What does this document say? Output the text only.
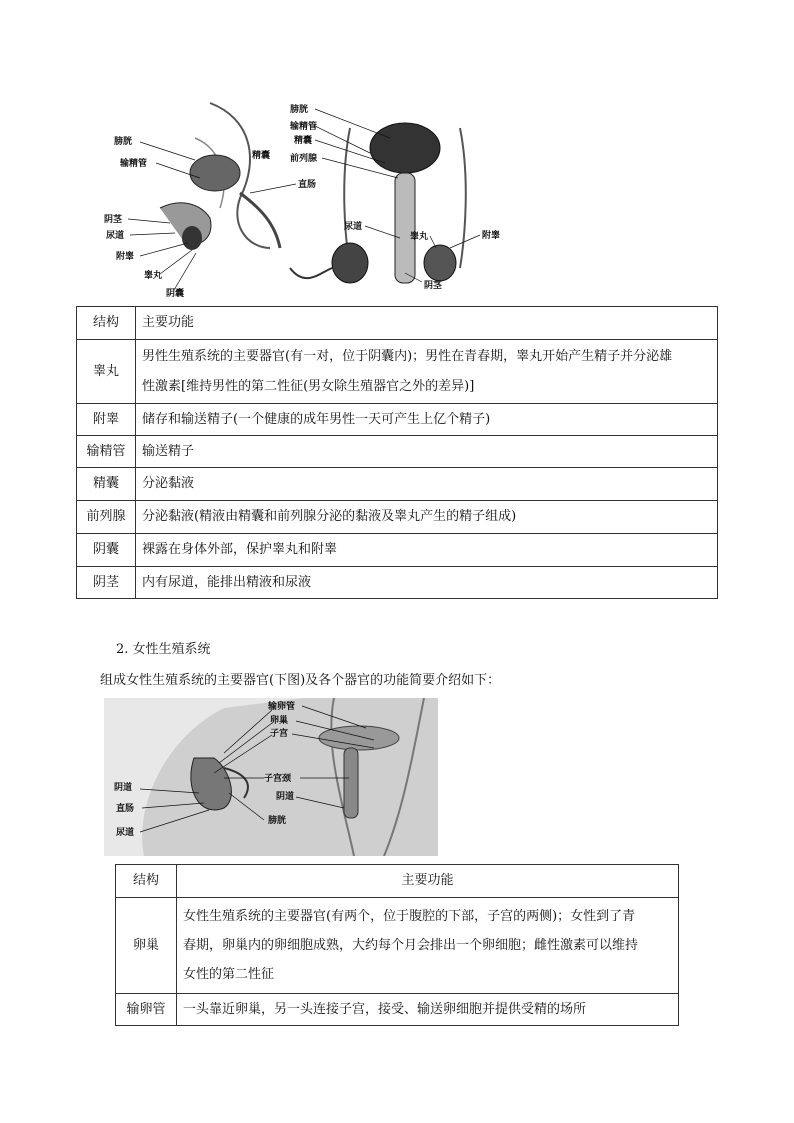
膀胱
输精管
精囊
直肠
阴茎
尿道
附睾
睾丸
阴囊
膀胱
输精管
精囊
前列腺
尿道
睾丸	附睾
阴茎
结构	主要功能
睾丸	男性生殖系统的主要器官(有一对，位于阴囊内)；男性在青春期，睾丸开始产生精子并分泌雄
性激素[维持男性的第二性征(男女除生殖器官之外的差异)]

附睾	储存和输送精子(一个健康的成年男性一天可产生上亿个精子)
输精管	输送精子
精囊	分泌黏液
前列腺	分泌黏液(精液由精囊和前列腺分泌的黏液及睾丸产生的精子组成)
阴囊	裸露在身体外部，保护睾丸和附睾
阴茎	内有尿道，能排出精液和尿液
2. 女性生殖系统
组成女性生殖系统的主要器官(下图)及各个器官的功能简要介绍如下：
输卵管
卵巢
子宫
子宫颈
阴道
阴道
直肠
尿道
膀胱
结构	主要功能
卵巢	女性生殖系统的主要器官(有两个，位于腹腔的下部，子宫的两侧)；女性到了青
春期，卵巢内的卵细胞成熟，大约每个月会排出一个卵细胞；雌性激素可以维持
女性的第二性征

输卵管	一头靠近卵巢，另一头连接子宫，接受、输送卵细胞并提供受精的场所
